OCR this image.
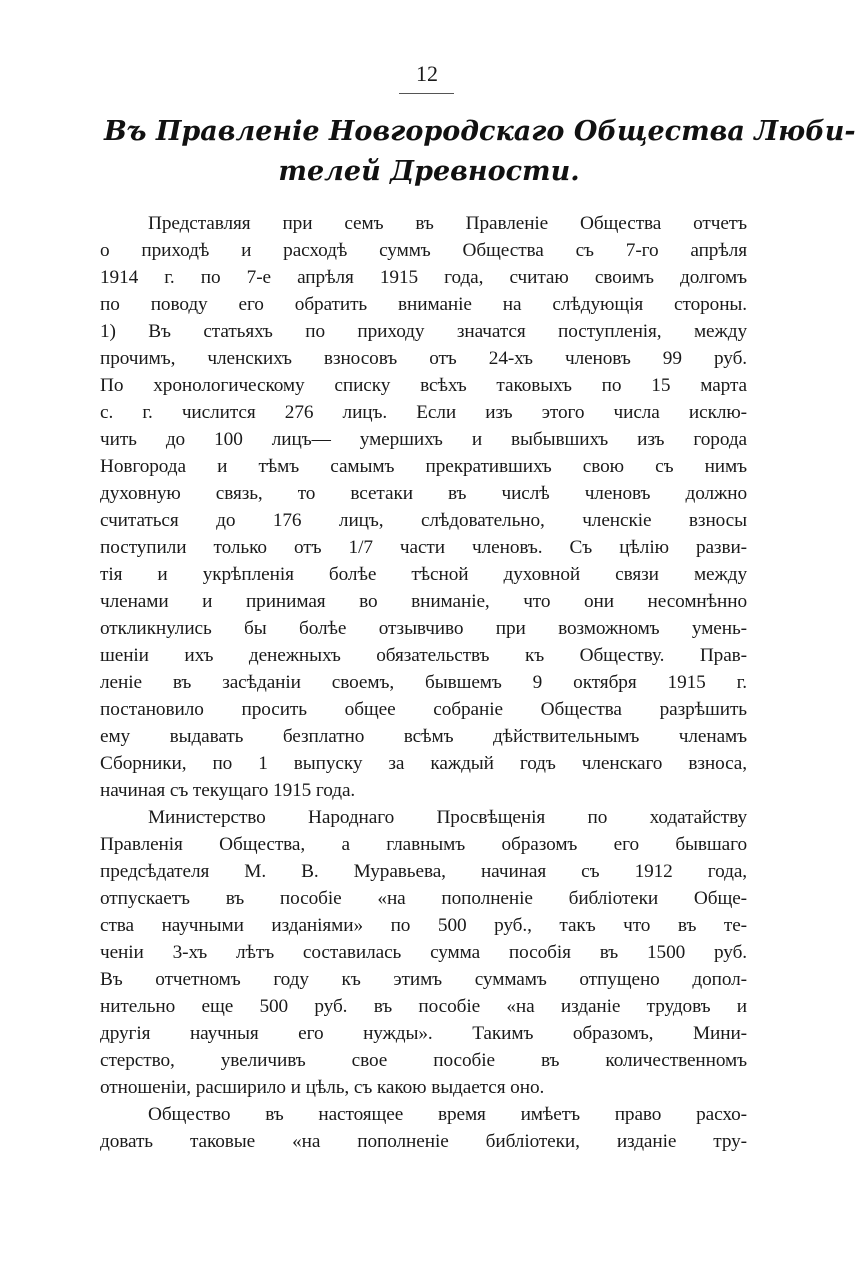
12
Въ Правленіе Новгородскаго Общества Люби-
телей Древности.
Представляя при семъ въ Правленіе Общества отчетъ
о приходѣ и расходѣ суммъ Общества съ 7-го апрѣля
1914 г. по 7-е апрѣля 1915 года, считаю своимъ долгомъ
по поводу его обратить вниманіе на слѣдующія стороны.
1) Въ статьяхъ по приходу значатся поступленія, между
прочимъ, членскихъ взносовъ отъ 24-хъ членовъ 99 руб.
По хронологическому списку всѣхъ таковыхъ по 15 марта
с. г. числится 276 лицъ. Если изъ этого числа исклю-
чить до 100 лицъ— умершихъ и выбывшихъ изъ города
Новгорода и тѣмъ самымъ прекратившихъ свою съ нимъ
духовную связь, то всетаки въ числѣ членовъ должно
считаться до 176 лицъ, слѣдовательно, членскіе взносы
поступили только отъ 1/7 части членовъ. Съ цѣлію разви-
тія и укрѣпленія болѣе тѣсной духовной связи между
членами и принимая во вниманіе, что они несомнѣнно
откликнулись бы болѣе отзывчиво при возможномъ умень-
шеніи ихъ денежныхъ обязательствъ къ Обществу. Прав-
леніе въ засѣданіи своемъ, бывшемъ 9 октября 1915 г.
постановило просить общее собраніе Общества разрѣшить
ему выдавать безплатно всѣмъ дѣйствительнымъ членамъ
Сборники, по 1 выпуску за каждый годъ членскаго взноса,
начиная съ текущаго 1915 года.
Министерство Народнаго Просвѣщенія по ходатайству
Правленія Общества, а главнымъ образомъ его бывшаго
предсѣдателя М. В. Муравьева, начиная съ 1912 года,
отпускаетъ въ пособіе «на пополненіе библіотеки Обще-
ства научными изданіями» по 500 руб., такъ что въ те-
ченіи 3-хъ лѣтъ составилась сумма пособія въ 1500 руб.
Въ отчетномъ году къ этимъ суммамъ отпущено допол-
нительно еще 500 руб. въ пособіе «на изданіе трудовъ и
другія научныя его нужды». Такимъ образомъ, Мини-
стерство, увеличивъ свое пособіе въ количественномъ
отношеніи, расширило и цѣль, съ какою выдается оно.
Общество въ настоящее время имѣетъ право расхо-
довать таковые «на пополненіе библіотеки, изданіе тру-
